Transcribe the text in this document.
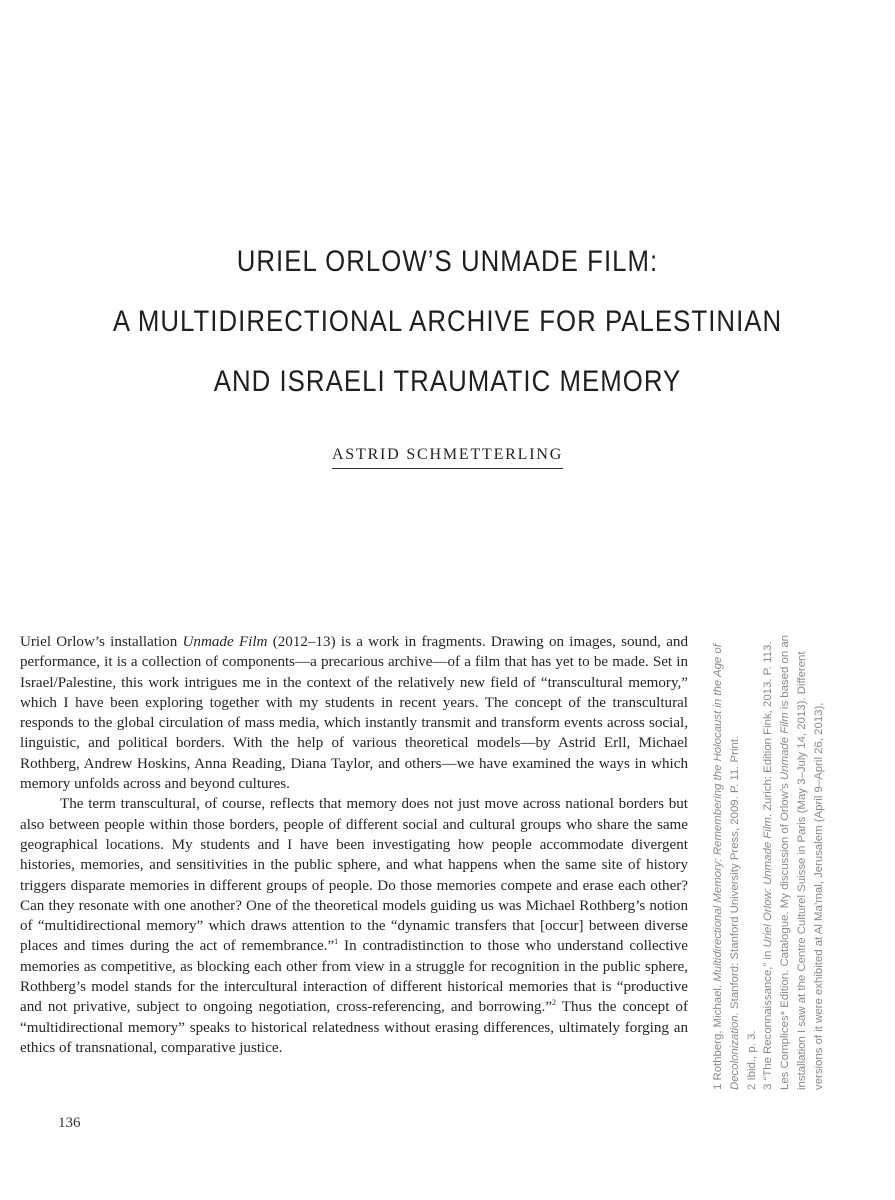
URIEL ORLOW’S UNMADE FILM:
A MULTIDIRECTIONAL ARCHIVE FOR PALESTINIAN
AND ISRAELI TRAUMATIC MEMORY
ASTRID SCHMETTERLING

Uriel Orlow’s installation Unmade Film (2012–13) is a work in fragments. Drawing on images, sound, and performance, it is a collection of components—a precarious archive—of a film that has yet to be made. Set in Israel/Palestine, this work intrigues me in the context of the relatively new field of “transcultural memory,” which I have been exploring together with my students in recent years. The concept of the transcultural responds to the global circulation of mass media, which instantly transmit and transform events across social, linguistic, and political borders. With the help of various theoretical models—by Astrid Erll, Michael Rothberg, Andrew Hoskins, Anna Reading, Diana Taylor, and others—we have examined the ways in which memory unfolds across and beyond cultures.

The term transcultural, of course, reflects that memory does not just move across national borders but also between people within those borders, people of different social and cultural groups who share the same geographical locations. My students and I have been investigating how people accommodate divergent histories, memories, and sensitivities in the public sphere, and what happens when the same site of history triggers disparate memories in different groups of people. Do those memories compete and erase each other? Can they resonate with one another? One of the theoretical models guiding us was Michael Rothberg’s notion of “multidirectional memory” which draws attention to the “dynamic transfers that [occur] between diverse places and times during the act of remembrance.”$^1$ In contradistinction to those who understand collective memories as competitive, as blocking each other from view in a struggle for recognition in the public sphere, Rothberg’s model stands for the intercultural interaction of different historical memories that is “productive and not privative, subject to ongoing negotiation, cross-referencing, and borrowing.”$^2$ Thus the concept of “multidirectional memory” speaks to historical relatedness without erasing differences, ultimately forging an ethics of transnational, comparative justice.

136

1 Rothberg, Michael. Multidirectional Memory: Remembering the Holocaust in the Age of Decolonization. Stanford: Stanford University Press, 2009. P. 11. Print.

2 Ibid., p. 3. 3 “The Reconnaissance,” in Uriel Orlow: Unmade Film. Zurich: Edition Fink, 2013. P. 113. Les Complices* Edition. Catalogue. My discussion of Orlow’s Unmade Film is based on an installation I saw at the Centre Culturel Suisse in Paris (May 3–July 14, 2013). Different versions of it were exhibited at Al Ma’mal, Jerusalem (April 9–April 26, 2013),
